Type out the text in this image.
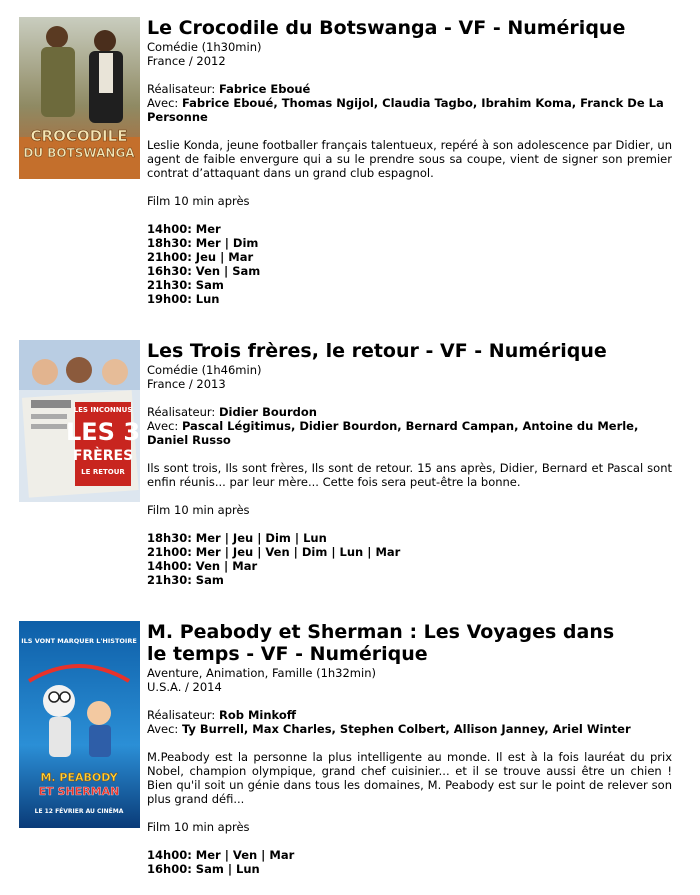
CROCODILE
DU BOTSWANGA
Le Crocodile du Botswanga - VF - Numérique
Comédie (1h30min)
France / 2012
Réalisateur: Fabrice Eboué
Avec: Fabrice Eboué, Thomas Ngijol, Claudia Tagbo, Ibrahim Koma, Franck De La Personne
Leslie Konda, jeune footballer français talentueux, repéré à son adolescence par Didier, un agent de faible envergure qui a su le prendre sous sa coupe, vient de signer son premier contrat d’attaquant dans un grand club espagnol.
Film 10 min après
14h00: Mer
18h30: Mer | Dim
21h00: Jeu | Mar
16h30: Ven | Sam
21h30: Sam
19h00: Lun
LES INCONNUS
LES 3
FRÈRES
LE RETOUR
Les Trois frères, le retour - VF - Numérique
Comédie (1h46min)
France / 2013
Réalisateur: Didier Bourdon
Avec: Pascal Légitimus, Didier Bourdon, Bernard Campan, Antoine du Merle, Daniel Russo
Ils sont trois, Ils sont frères, Ils sont de retour. 15 ans après, Didier, Bernard et Pascal sont enfin réunis... par leur mère... Cette fois sera peut-être la bonne.
Film 10 min après
18h30: Mer | Jeu | Dim | Lun
21h00: Mer | Jeu | Ven | Dim | Lun | Mar
14h00: Ven | Mar
21h30: Sam
ILS VONT MARQUER L'HISTOIRE
M. PEABODY
ET SHERMAN
LE 12 FÉVRIER AU CINÉMA
M. Peabody et Sherman : Les Voyages dans le temps - VF - Numérique
Aventure, Animation, Famille (1h32min)
U.S.A. / 2014
Réalisateur: Rob Minkoff
Avec: Ty Burrell, Max Charles, Stephen Colbert, Allison Janney, Ariel Winter
M.Peabody est la personne la plus intelligente au monde. Il est à la fois lauréat du prix Nobel, champion olympique, grand chef cuisinier... et il se trouve aussi être un chien ! Bien qu'il soit un génie dans tous les domaines, M. Peabody est sur le point de relever son plus grand défi...
Film 10 min après
14h00: Mer | Ven | Mar
16h00: Sam | Lun
